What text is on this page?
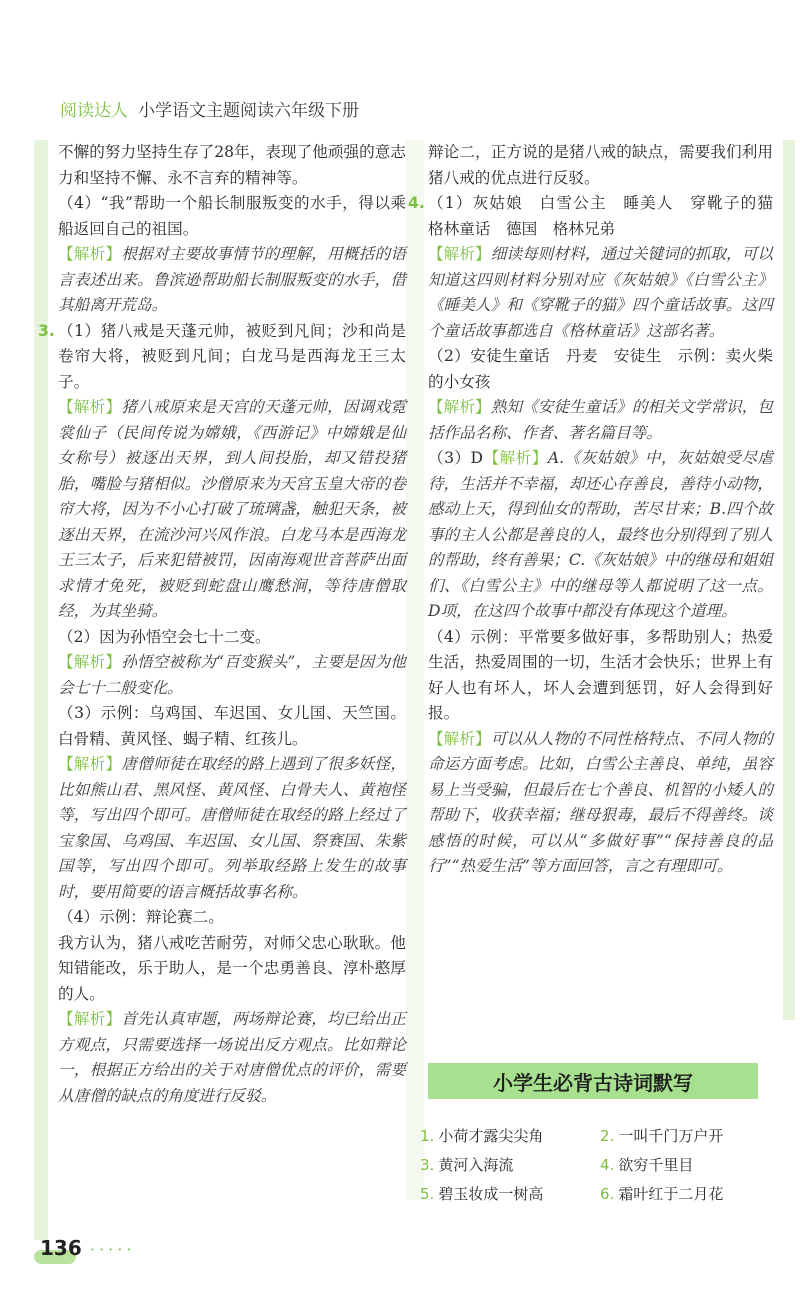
阅读达人 小学语文主题阅读六年级下册
不懈的努力坚持生存了28年，表现了他顽强的意志力和坚持不懈、永不言弃的精神等。
（4）“我”帮助一个船长制服叛变的水手，得以乘船返回自己的祖国。
【解析】根据对主要故事情节的理解，用概括的语言表述出来。鲁滨逊帮助船长制服叛变的水手，借其船离开荒岛。
3. （1）猪八戒是天蓬元帅，被贬到凡间；沙和尚是卷帘大将，被贬到凡间；白龙马是西海龙王三太子。
【解析】猪八戒原来是天宫的天蓬元帅，因调戏霓裳仙子（民间传说为嫦娥，《西游记》中嫦娥是仙女称号）被逐出天界，到人间投胎，却又错投猪胎，嘴脸与猪相似。沙僧原来为天宫玉皇大帝的卷帘大将，因为不小心打破了琉璃盏，触犯天条，被逐出天界，在流沙河兴风作浪。白龙马本是西海龙王三太子，后来犯错被罚，因南海观世音菩萨出面求情才免死，被贬到蛇盘山鹰愁涧，等待唐僧取经，为其坐骑。
（2）因为孙悟空会七十二变。
【解析】孙悟空被称为“百变猴头”，主要是因为他会七十二般变化。
（3）示例：乌鸡国、车迟国、女儿国、天竺国。白骨精、黄风怪、蝎子精、红孩儿。
【解析】唐僧师徒在取经的路上遇到了很多妖怪，比如熊山君、黑风怪、黄风怪、白骨夫人、黄袍怪等，写出四个即可。唐僧师徒在取经的路上经过了宝象国、乌鸡国、车迟国、女儿国、祭赛国、朱紫国等，写出四个即可。列举取经路上发生的故事时，要用简要的语言概括故事名称。
（4）示例：辩论赛二。
我方认为，猪八戒吃苦耐劳，对师父忠心耿耿。他知错能改，乐于助人，是一个忠勇善良、淳朴憨厚的人。
【解析】首先认真审题，两场辩论赛，均已给出正方观点，只需要选择一场说出反方观点。比如辩论一，根据正方给出的关于对唐僧优点的评价，需要从唐僧的缺点的角度进行反驳。
辩论二，正方说的是猪八戒的缺点，需要我们利用猪八戒的优点进行反驳。
4. （1）灰姑娘　白雪公主　睡美人　穿靴子的猫　格林童话　德国　格林兄弟
【解析】细读每则材料，通过关键词的抓取，可以知道这四则材料分别对应《灰姑娘》《白雪公主》《睡美人》和《穿靴子的猫》四个童话故事。这四个童话故事都选自《格林童话》这部名著。
（2）安徒生童话　丹麦　安徒生　示例：卖火柴的小女孩
【解析】熟知《安徒生童话》的相关文学常识，包括作品名称、作者、著名篇目等。
（3）D【解析】A.《灰姑娘》中，灰姑娘受尽虐待，生活并不幸福，却还心存善良，善待小动物，感动上天，得到仙女的帮助，苦尽甘来；B.四个故事的主人公都是善良的人，最终也分别得到了别人的帮助，终有善果；C.《灰姑娘》中的继母和姐姐们、《白雪公主》中的继母等人都说明了这一点。D项，在这四个故事中都没有体现这个道理。
（4）示例：平常要多做好事，多帮助别人；热爱生活，热爱周围的一切，生活才会快乐；世界上有好人也有坏人，坏人会遭到惩罚，好人会得到好报。
【解析】可以从人物的不同性格特点、不同人物的命运方面考虑。比如，白雪公主善良、单纯，虽容易上当受骗，但最后在七个善良、机智的小矮人的帮助下，收获幸福；继母狠毒，最后不得善终。谈感悟的时候，可以从“多做好事”“保持善良的品行”“热爱生活”等方面回答，言之有理即可。
小学生必背古诗词默写
1. 小荷才露尖尖角	2. 一叫千门万户开
3. 黄河入海流	4. 欲穷千里目
5. 碧玉妆成一树高	6. 霜叶红于二月花
136 ·····
